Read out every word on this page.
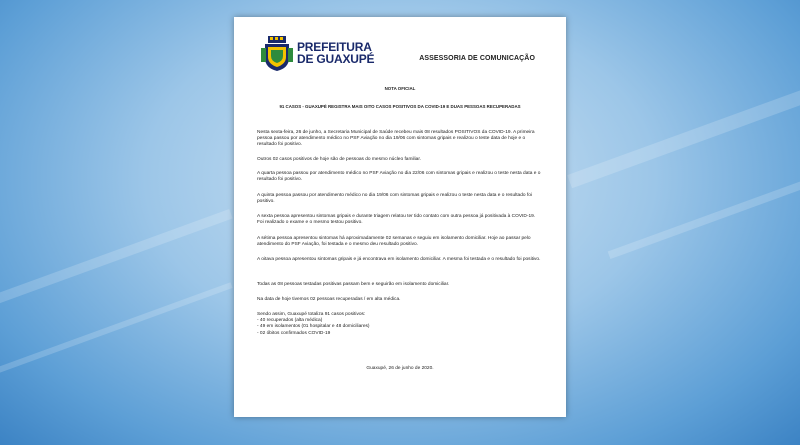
PREFEITURA
DE GUAXUPÉ	ASSESSORIA DE COMUNICAÇÃO
NOTA OFICIAL
91 CASOS - GUAXUPÉ REGISTRA MAIS OITO CASOS POSITIVOS DA COVID-19 E DUAS PESSOAS RECUPERADAS
Nesta sexta-feira, 26 de junho, a Secretaria Municipal de Saúde recebeu mais 08 resultados POSITIVOS da COVID-19. A primeira pessoa passou por atendimento médico no PSF Aviação no dia 19/06 com sintomas gripais e realizou o teste data de hoje e o resultado foi positivo.
Outros 02 casos positivos de hoje são de pessoas do mesmo núcleo familiar.
A quarta pessoa passou por atendimento médico no PSF Aviação no dia 22/06 com sintomas gripais e realizou o teste nesta data e o resultado foi positivo.
A quinta pessoa passou por atendimento médico no dia 19/06 com sintomas gripais e realizou o teste nesta data e o resultado foi positivo.
A sexta pessoa apresentou sintomas gripais e durante triagem relatou ter tido contato com outra pessoa já positivada à COVID-19. Foi realizado o exame e o mesmo testou positivo.
A sétima pessoa apresentou sintomas há aproximadamente 02 semanas e seguiu em isolamento domiciliar. Hoje ao passar pelo atendimento do PSF Aviação, foi testada e o mesmo deu resultado positivo.
A oitava pessoa apresentou sintomas gripais e já encontrava em isolamento domiciliar. A mesma foi testada e o resultado foi positivo.
Todas as 08 pessoas testadas positivas passam bem e seguirão em isolamento domiciliar.
Na data de hoje tivemos 02 pessoas recuperadas / em alta médica.

Sendo assim, Guaxupé totaliza 91 casos positivos:

- 40 recuperados (alta médica)

- 49 em isolamentos (01 hospitalar e 48 domiciliares)

- 02 óbitos confirmados COVID-19

Guaxupé, 26 de junho de 2020.
